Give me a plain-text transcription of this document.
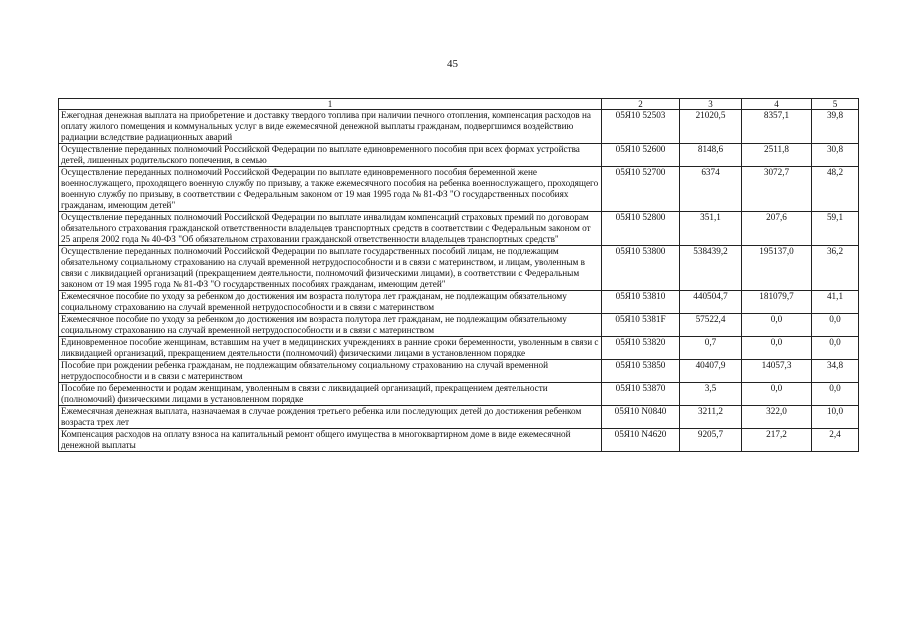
45
1	2	3	4	5
Ежегодная денежная выплата на приобретение и доставку твердого топлива при наличии печного отопления, компенсация расходов на оплату жилого помещения и коммунальных услуг в виде ежемесячной денежной выплаты гражданам, подвергшимся воздействию радиации вследствие радиационных аварий	05Я10 52503	21020,5	8357,1	39,8
Осуществление переданных полномочий Российской Федерации по выплате единовременного пособия при всех формах устройства детей, лишенных родительского попечения, в семью	05Я10 52600	8148,6	2511,8	30,8
Осуществление переданных полномочий Российской Федерации по выплате единовременного пособия беременной жене военнослужащего, проходящего военную службу по призыву, а также ежемесячного пособия на ребенка военнослужащего, проходящего военную службу по призыву, в соответствии с Федеральным законом от 19 мая 1995 года № 81-ФЗ "О государственных пособиях гражданам, имеющим детей"	05Я10 52700	6374	3072,7	48,2
Осуществление переданных полномочий Российской Федерации по выплате инвалидам компенсаций страховых премий по договорам обязательного страхования гражданской ответственности владельцев транспортных средств в соответствии с Федеральным законом от 25 апреля 2002 года № 40-ФЗ "Об обязательном страховании гражданской ответственности владельцев транспортных средств"	05Я10 52800	351,1	207,6	59,1
Осуществление переданных полномочий Российской Федерации по выплате государственных пособий лицам, не подлежащим обязательному социальному страхованию на случай временной нетрудоспособности и в связи с материнством, и лицам, уволенным в связи с ликвидацией организаций (прекращением деятельности, полномочий физическими лицами), в соответствии с Федеральным законом от 19 мая 1995 года № 81-ФЗ "О государственных пособиях гражданам, имеющим детей"	05Я10 53800	538439,2	195137,0	36,2
Ежемесячное пособие по уходу за ребенком до достижения им возраста полутора лет гражданам, не подлежащим обязательному социальному страхованию на случай временной нетрудоспособности и в связи с материнством	05Я10 53810	440504,7	181079,7	41,1
Ежемесячное пособие по уходу за ребенком до достижения им возраста полутора лет гражданам, не подлежащим обязательному социальному страхованию на случай временной нетрудоспособности и в связи с материнством	05Я10 5381F	57522,4	0,0	0,0
Единовременное пособие женщинам, вставшим на учет в медицинских учреждениях в ранние сроки беременности, уволенным в связи с ликвидацией организаций, прекращением деятельности (полномочий) физическими лицами в установленном порядке	05Я10 53820	0,7	0,0	0,0
Пособие при рождении ребенка гражданам, не подлежащим обязательному социальному страхованию на случай временной нетрудоспособности и в связи с материнством	05Я10 53850	40407,9	14057,3	34,8
Пособие по беременности и родам женщинам, уволенным в связи с ликвидацией организаций, прекращением деятельности (полномочий) физическими лицами в установленном порядке	05Я10 53870	3,5	0,0	0,0
Ежемесячная денежная выплата, назначаемая в случае рождения третьего ребенка или последующих детей до достижения ребенком возраста трех лет	05Я10 N0840	3211,2	322,0	10,0
Компенсация расходов на оплату взноса на капитальный ремонт общего имущества в многоквартирном доме в виде ежемесячной денежной выплаты	05Я10 N4620	9205,7	217,2	2,4
